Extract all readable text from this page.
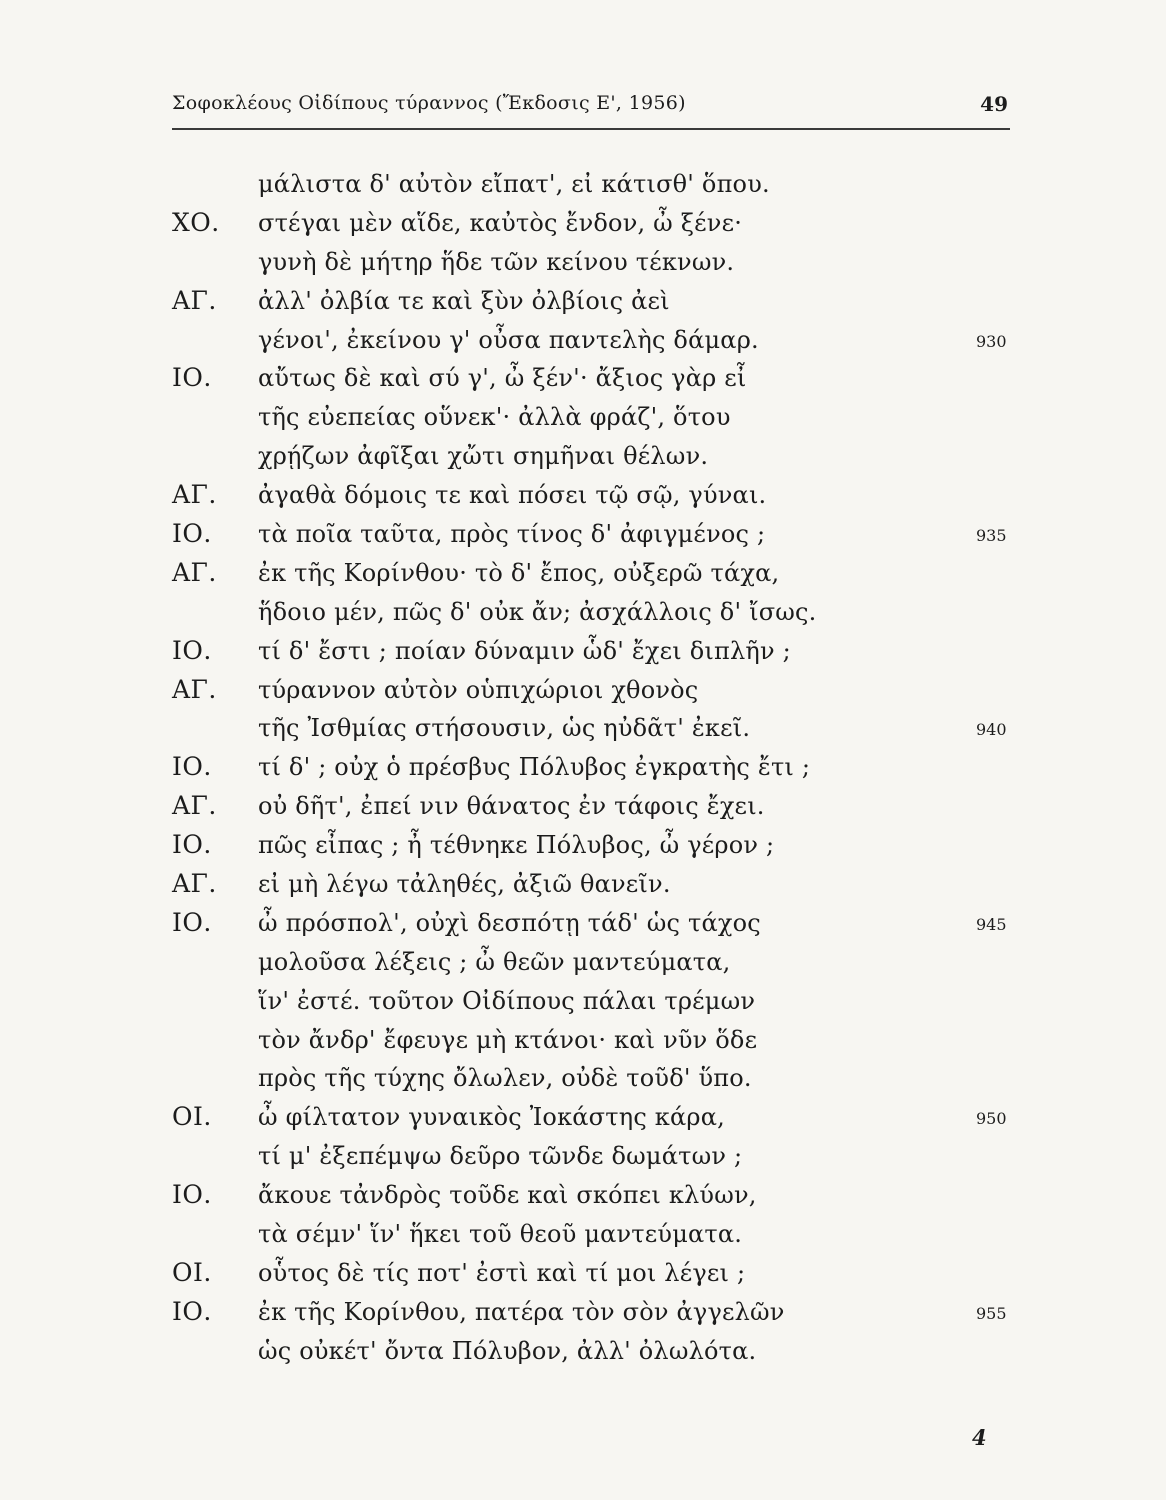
Σοφοκλέους Οἰδίπους τύραννος (Ἔκδοσις Ε', 1956)	49
μάλιστα δ' αὐτὸν εἴπατ', εἰ κάτισθ' ὅπου.
ΧΟ. στέγαι μὲν αἵδε, καὐτὸς ἔνδον, ὦ ξένε·
γυνὴ δὲ μήτηρ ἥδε τῶν κείνου τέκνων.
ΑΓ. ἀλλ' ὀλβία τε καὶ ξὺν ὀλβίοις ἀεὶ
γένοι', ἐκείνου γ' οὖσα παντελὴς δάμαρ.	930
ΙΟ. αὔτως δὲ καὶ σύ γ', ὦ ξέν'· ἄξιος γὰρ εἶ
τῆς εὐεπείας οὕνεκ'· ἀλλὰ φράζ', ὅτου
χρῄζων ἀφῖξαι χὤτι σημῆναι θέλων.
ΑΓ. ἀγαθὰ δόμοις τε καὶ πόσει τῷ σῷ, γύναι.
ΙΟ. τὰ ποῖα ταῦτα, πρὸς τίνος δ' ἀφιγμένος ;	935
ΑΓ. ἐκ τῆς Κορίνθου· τὸ δ' ἔπος, οὐξερῶ τάχα,
ἥδοιο μέν, πῶς δ' οὐκ ἄν; ἀσχάλλοις δ' ἴσως.
ΙΟ. τί δ' ἔστι ; ποίαν δύναμιν ὧδ' ἔχει διπλῆν ;
ΑΓ. τύραννον αὐτὸν οὑπιχώριοι χθονὸς
τῆς Ἰσθμίας στήσουσιν, ὡς ηὐδᾶτ' ἐκεῖ.	940
ΙΟ. τί δ' ; οὐχ ὁ πρέσβυς Πόλυβος ἐγκρατὴς ἔτι ;
ΑΓ. οὐ δῆτ', ἐπεί νιν θάνατος ἐν τάφοις ἔχει.
ΙΟ. πῶς εἶπας ; ἦ τέθνηκε Πόλυβος, ὦ γέρον ;
ΑΓ. εἰ μὴ λέγω τἀληθές, ἀξιῶ θανεῖν.
ΙΟ. ὦ πρόσπολ', οὐχὶ δεσπότῃ τάδ' ὡς τάχος	945
μολοῦσα λέξεις ; ὦ θεῶν μαντεύματα,
ἵν' ἐστέ. τοῦτον Οἰδίπους πάλαι τρέμων
τὸν ἄνδρ' ἔφευγε μὴ κτάνοι· καὶ νῦν ὅδε
πρὸς τῆς τύχης ὄλωλεν, οὐδὲ τοῦδ' ὕπο.
ΟΙ. ὦ φίλτατον γυναικὸς Ἰοκάστης κάρα,	950
τί μ' ἐξεπέμψω δεῦρο τῶνδε δωμάτων ;
ΙΟ. ἄκουε τἀνδρὸς τοῦδε καὶ σκόπει κλύων,
τὰ σέμν' ἵν' ἥκει τοῦ θεοῦ μαντεύματα.
ΟΙ. οὗτος δὲ τίς ποτ' ἐστὶ καὶ τί μοι λέγει ;
ΙΟ. ἐκ τῆς Κορίνθου, πατέρα τὸν σὸν ἀγγελῶν	955
ὡς οὐκέτ' ὄντα Πόλυβον, ἀλλ' ὀλωλότα.
4
